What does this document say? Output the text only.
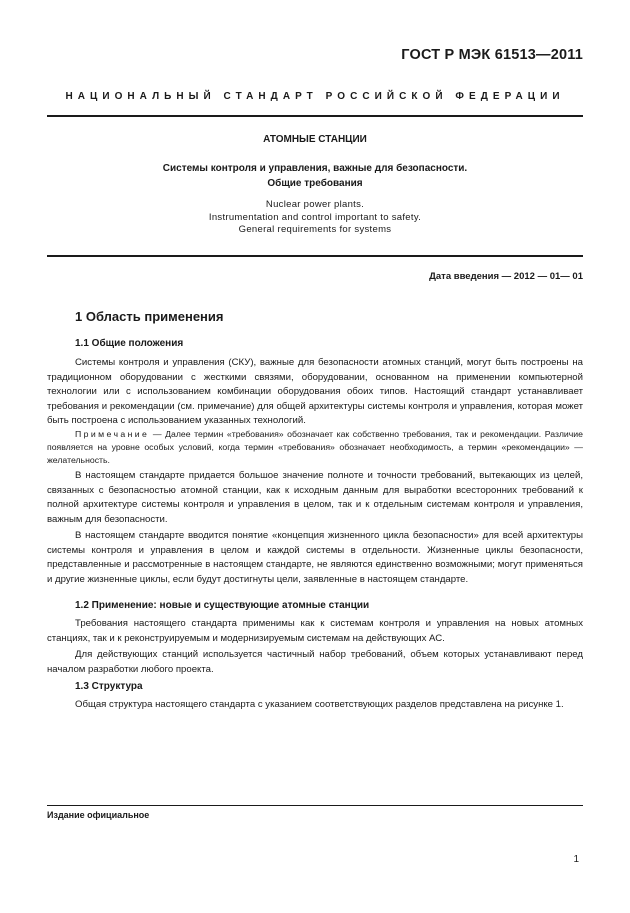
ГОСТ Р МЭК 61513—2011
НАЦИОНАЛЬНЫЙ СТАНДАРТ РОССИЙСКОЙ ФЕДЕРАЦИИ
АТОМНЫЕ СТАНЦИИ
Системы контроля и управления, важные для безопасности.
Общие требования
Nuclear power plants.
Instrumentation and control important to safety.
General requirements for systems
Дата введения — 2012 — 01— 01
1 Область применения
1.1 Общие положения

Системы контроля и управления (СКУ), важные для безопасности атомных станций, могут быть построены на традиционном оборудовании с жесткими связями, оборудовании, основанном на применении компьютерной технологии или с использованием комбинации оборудования обоих типов. Настоящий стандарт устанавливает требования и рекомендации (см. примечание) для общей архитектуры системы контроля и управления, которая может быть построена с использованием указанных технологий.

Примечание — Далее термин «требования» обозначает как собственно требования, так и рекомендации. Различие появляется на уровне особых условий, когда термин «требования» обозначает необходимость, а термин «рекомендации» — желательность.

В настоящем стандарте придается большое значение полноте и точности требований, вытекающих из целей, связанных с безопасностью атомной станции, как к исходным данным для выработки всесторонних требований к полной архитектуре системы контроля и управления в целом, так и к отдельным системам контроля и управления, важным для безопасности.

В настоящем стандарте вводится понятие «концепция жизненного цикла безопасности» для всей архитектуры системы контроля и управления в целом и каждой системы в отдельности. Жизненные циклы безопасности, представленные и рассмотренные в настоящем стандарте, не являются единственно возможными; могут применяться и другие жизненные циклы, если будут достигнуты цели, заявленные в настоящем стандарте.

1.2 Применение: новые и существующие атомные станции

Требования настоящего стандарта применимы как к системам контроля и управления на новых атомных станциях, так и к реконструируемым и модернизируемым системам на действующих АС.

Для действующих станций используется частичный набор требований, объем которых устанавливают перед началом разработки любого проекта.

1.3 Структура

Общая структура настоящего стандарта с указанием соответствующих разделов представлена на рисунке 1.

Издание официальное
1
